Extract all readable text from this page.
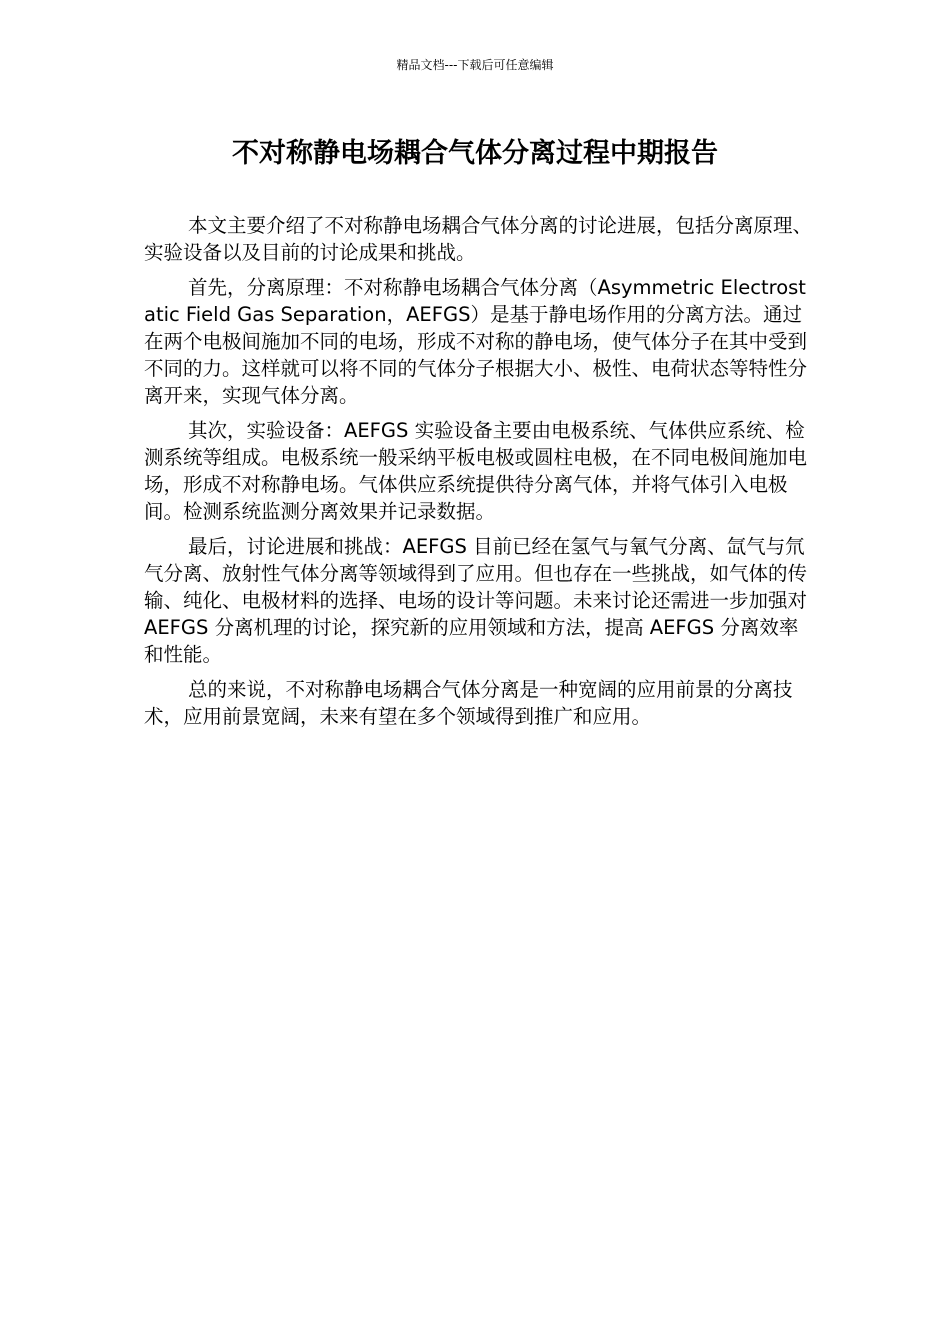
精品文档---下载后可任意编辑
不对称静电场耦合气体分离过程中期报告

本文主要介绍了不对称静电场耦合气体分离的讨论进展，包括分离原理、实验设备以及目前的讨论成果和挑战。

首先，分离原理：不对称静电场耦合气体分离（Asymmetric Electrostatic Field Gas Separation，AEFGS）是基于静电场作用的分离方法。通过在两个电极间施加不同的电场，形成不对称的静电场，使气体分子在其中受到不同的力。这样就可以将不同的气体分子根据大小、极性、电荷状态等特性分离开来，实现气体分离。

其次，实验设备：AEFGS 实验设备主要由电极系统、气体供应系统、检测系统等组成。电极系统一般采纳平板电极或圆柱电极，在不同电极间施加电场，形成不对称静电场。气体供应系统提供待分离气体，并将气体引入电极间。检测系统监测分离效果并记录数据。

最后，讨论进展和挑战：AEFGS 目前已经在氢气与氧气分离、氙气与氘气分离、放射性气体分离等领域得到了应用。但也存在一些挑战，如气体的传输、纯化、电极材料的选择、电场的设计等问题。未来讨论还需进一步加强对 AEFGS 分离机理的讨论，探究新的应用领域和方法，提高 AEFGS 分离效率和性能。

总的来说，不对称静电场耦合气体分离是一种宽阔的应用前景的分离技术，应用前景宽阔，未来有望在多个领域得到推广和应用。
